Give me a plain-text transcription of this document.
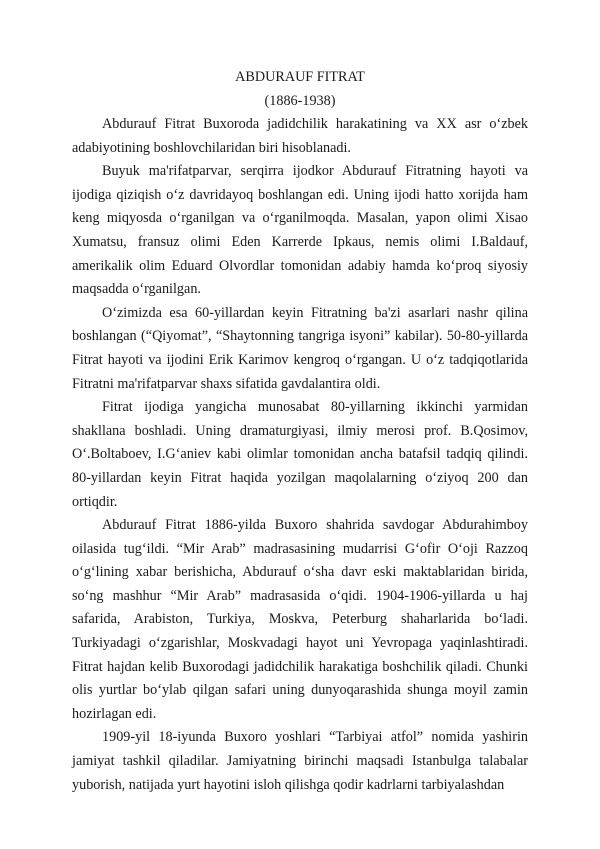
ABDURAUF FITRAT

(1886-1938)

Abdurauf Fitrat Buxoroda jadidchilik harakatining va XX asr o‘zbek adabiyotining boshlovchilaridan biri hisoblanadi.

Buyuk ma'rifatparvar, serqirra ijodkor Abdurauf Fitratning hayoti va ijodiga qiziqish o‘z davridayoq boshlangan edi. Uning ijodi hatto xorijda ham keng miqyosda o‘rganilgan va o‘rganilmoqda. Masalan, yapon olimi Xisao Xumatsu, fransuz olimi Eden Karrerde Ipkaus, nemis olimi I.Baldauf, amerikalik olim Eduard Olvordlar tomonidan adabiy hamda ko‘proq siyosiy maqsadda o‘rganilgan.

O‘zimizda esa 60-yillardan keyin Fitratning ba'zi asarlari nashr qilina boshlangan (“Qiyomat”, “Shaytonning tangriga isyoni” kabilar). 50-80-yillarda Fitrat hayoti va ijodini Erik Karimov kengroq o‘rgangan. U o‘z tadqiqotlarida Fitratni ma'rifatparvar shaxs sifatida gavdalantira oldi.

Fitrat ijodiga yangicha munosabat 80-yillarning ikkinchi yarmidan shakllana boshladi. Uning dramaturgiyasi, ilmiy merosi prof. B.Qosimov, O‘.Boltaboev, I.G‘aniev kabi olimlar tomonidan ancha batafsil tadqiq qilindi. 80-yillardan keyin Fitrat haqida yozilgan maqolalarning o‘ziyoq 200 dan ortiqdir.

Abdurauf Fitrat 1886-yilda Buxoro shahrida savdogar Abdurahimboy oilasida tug‘ildi. “Mir Arab” madrasasining mudarrisi G‘ofir O‘oji Razzoq o‘g‘lining xabar berishicha, Abdurauf o‘sha davr eski maktablaridan birida, so‘ng mashhur “Mir Arab” madrasasida o‘qidi. 1904-1906-yillarda u haj safarida, Arabiston, Turkiya, Moskva, Peterburg shaharlarida bo‘ladi. Turkiyadagi o‘zgarishlar, Moskvadagi hayot uni Yevropaga yaqinlashtiradi. Fitrat hajdan kelib Buxorodagi jadidchilik harakatiga boshchilik qiladi. Chunki olis yurtlar bo‘ylab qilgan safari uning dunyoqarashida shunga moyil zamin hozirlagan edi.

1909-yil 18-iyunda Buxoro yoshlari “Tarbiyai atfol” nomida yashirin jamiyat tashkil qiladilar. Jamiyatning birinchi maqsadi Istanbulga talabalar yuborish, natijada yurt hayotini isloh qilishga qodir kadrlarni tarbiyalashdan
